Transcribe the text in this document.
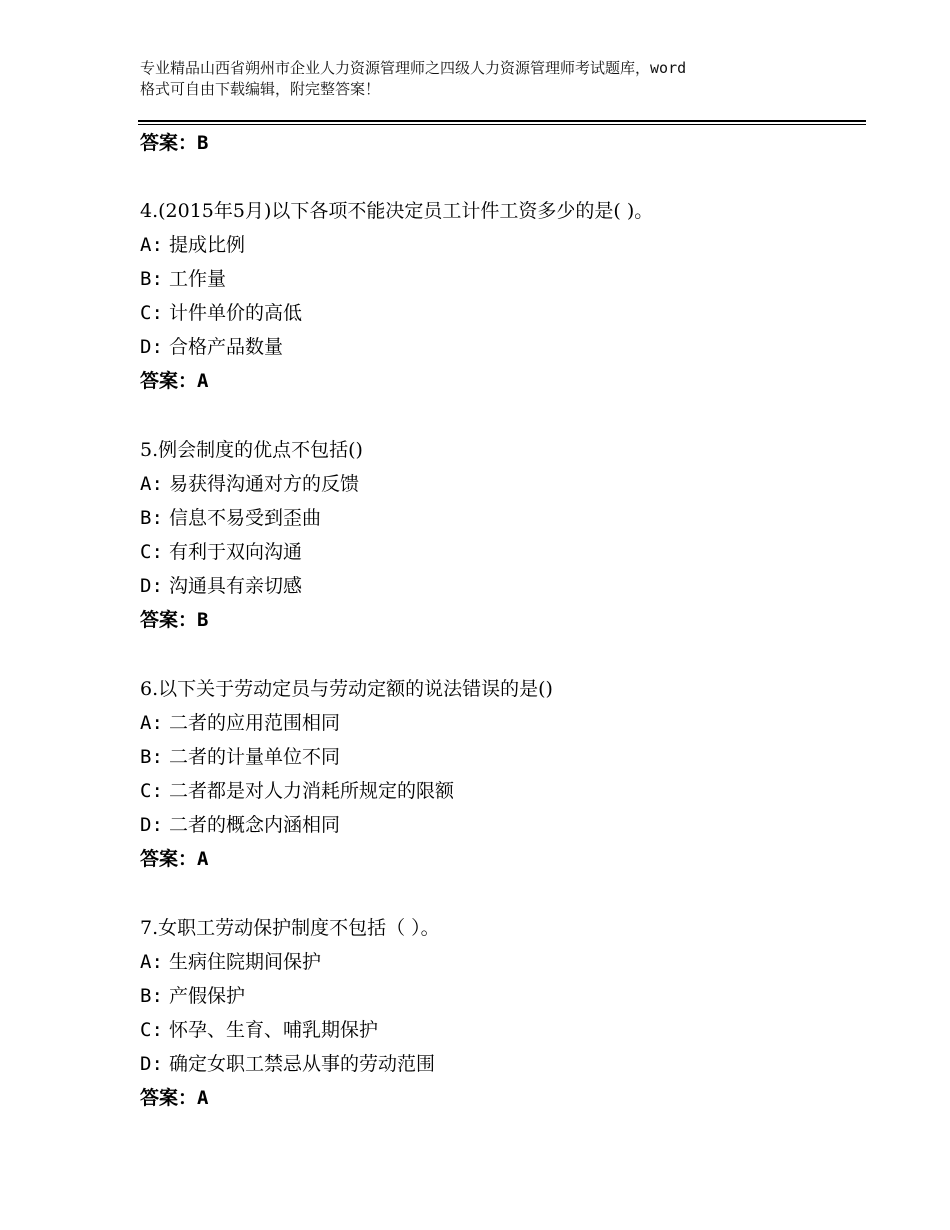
专业精品山西省朔州市企业人力资源管理师之四级人力资源管理师考试题库，word
格式可自由下载编辑，附完整答案！
答案：B
4.(2015年5月)以下各项不能决定员工计件工资多少的是( )。
A: 提成比例
B: 工作量
C: 计件单价的高低
D: 合格产品数量
答案：A
5.例会制度的优点不包括()
A: 易获得沟通对方的反馈
B: 信息不易受到歪曲
C: 有利于双向沟通
D: 沟通具有亲切感
答案：B
6.以下关于劳动定员与劳动定额的说法错误的是()
A: 二者的应用范围相同
B: 二者的计量单位不同
C: 二者都是对人力消耗所规定的限额
D: 二者的概念内涵相同
答案：A
7.女职工劳动保护制度不包括（ ）。
A: 生病住院期间保护
B: 产假保护
C: 怀孕、生育、哺乳期保护
D: 确定女职工禁忌从事的劳动范围
答案：A
